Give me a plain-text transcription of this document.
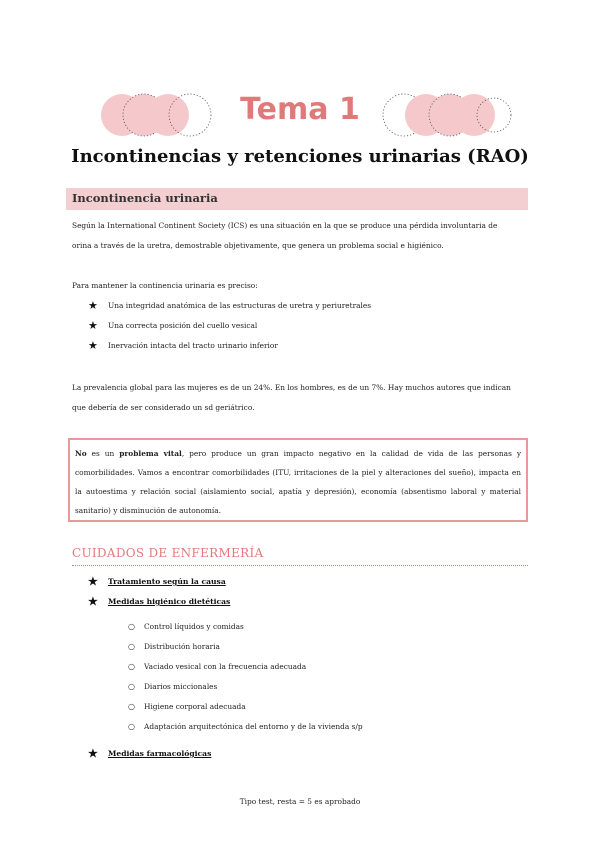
Tema 1
Incontinencias y retenciones urinarias (RAO)
Incontinencia urinaria
Según la International Continent Society (ICS) es una situación en la que se produce una pérdida involuntaria de
orina a través de la uretra, demostrable objetivamente, que genera un problema social e higiénico.
Para mantener la continencia urinaria es preciso:
★	Una integridad anatómica de las estructuras de uretra y periuretrales
★	Una correcta posición del cuello vesical
★	Inervación intacta del tracto urinario inferior
La prevalencia global para las mujeres es de un 24%. En los hombres, es de un 7%. Hay muchos autores que indican
que debería de ser considerado un sd geriátrico.
No es un problema vital, pero produce un gran impacto negativo en la calidad de vida de las personas y comorbilidades. Vamos a encontrar comorbilidades (ITU, irritaciones de la piel y alteraciones del sueño), impacta en la autoestima y relación social (aislamiento social, apatía y depresión), economía (absentismo laboral y material sanitario) y disminución de autonomía.
CUIDADOS DE ENFERMERÍA
★	Tratamiento según la causa
★	Medidas higiénico dietéticas
○	Control líquidos y comidas
○	Distribución horaria
○	Vaciado vesical con la frecuencia adecuada
○	Diarios miccionales
○	Higiene corporal adecuada
○	Adaptación arquitectónica del entorno y de la vivienda s/p
★	Medidas farmacológicas
Tipo test, resta = 5 es aprobado
